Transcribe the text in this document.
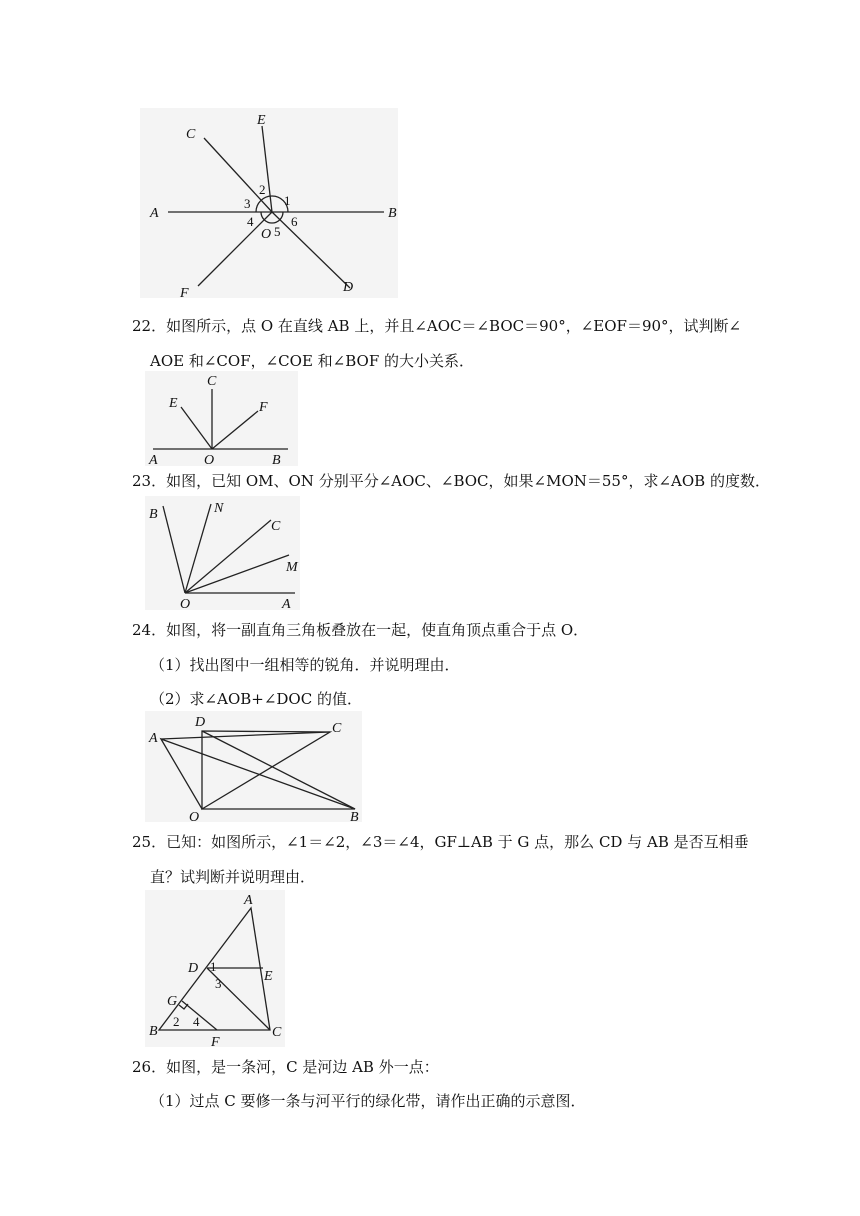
A	B
C
D
E
F
O
1
2
3
4
5
6
22．如图所示，点 O 在直线 AB 上，并且∠AOC＝∠BOC＝90°，∠EOF＝90°，试判断∠
AOE 和∠COF，∠COE 和∠BOF 的大小关系．
A	B
C
E	F
O
23．如图，已知 OM、ON 分别平分∠AOC、∠BOC，如果∠MON＝55°，求∠AOB 的度数．
B	N
C
M
O	A
24．如图，将一副直角三角板叠放在一起，使直角顶点重合于点 O．
（1）找出图中一组相等的锐角．并说明理由．
（2）求∠AOB+∠DOC 的值．
A
D	C
O	B
25．已知：如图所示，∠1＝∠2，∠3＝∠4，GF⊥AB 于 G 点，那么 CD 与 AB 是否互相垂
直？试判断并说明理由．
A
D
E
G
B
F
C
1
3
2 4
26．如图，是一条河，C 是河边 AB 外一点：
（1）过点 C 要修一条与河平行的绿化带，请作出正确的示意图．
